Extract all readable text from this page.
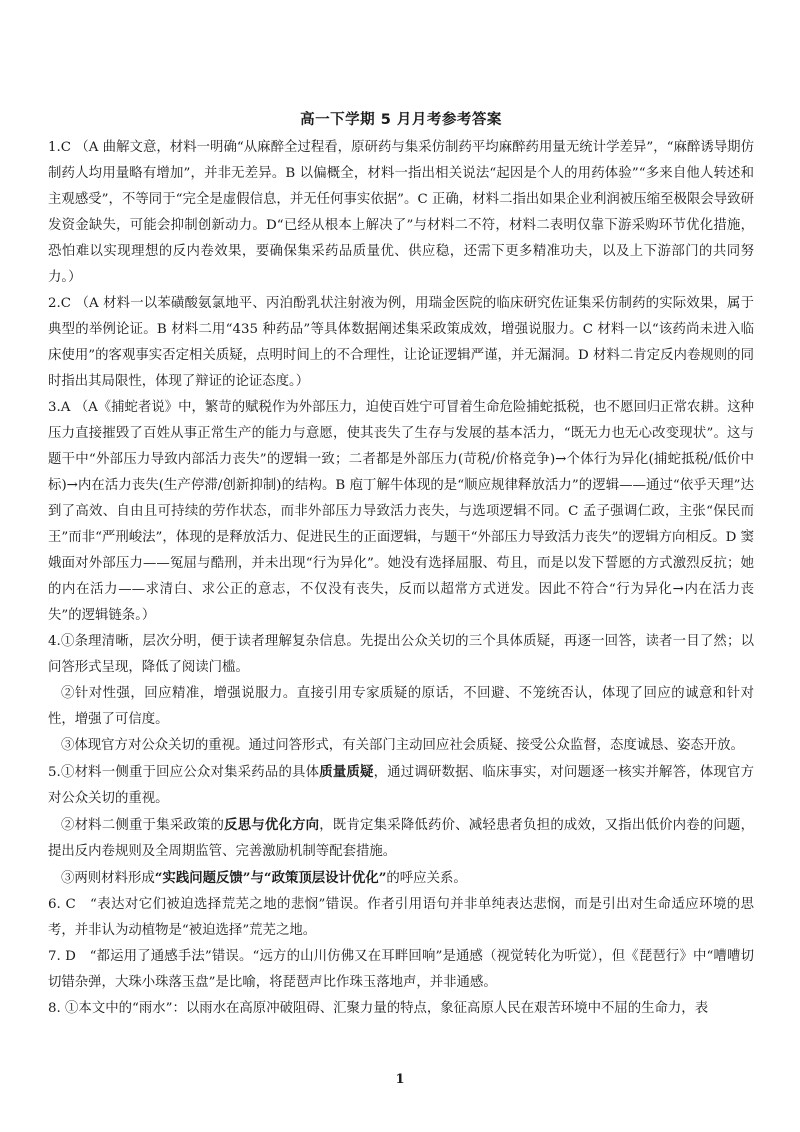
高一下学期 5 月月考参考答案

1.C （A 曲解文意，材料一明确“从麻醉全过程看，原研药与集采仿制药平均麻醉药用量无统计学差异”，“麻醉诱导期仿制药人均用量略有增加”，并非无差异。B 以偏概全，材料一指出相关说法“起因是个人的用药体验”“多来自他人转述和主观感受”，不等同于“完全是虚假信息，并无任何事实依据”。C 正确，材料二指出如果企业利润被压缩至极限会导致研发资金缺失，可能会抑制创新动力。D“已经从根本上解决了”与材料二不符，材料二表明仅靠下游采购环节优化措施，恐怕难以实现理想的反内卷效果，要确保集采药品质量优、供应稳，还需下更多精准功夫，以及上下游部门的共同努力。）

2.C （A 材料一以苯磺酸氨氯地平、丙泊酚乳状注射液为例，用瑞金医院的临床研究佐证集采仿制药的实际效果，属于典型的举例论证。B 材料二用“435 种药品”等具体数据阐述集采政策成效，增强说服力。C 材料一以“该药尚未进入临床使用”的客观事实否定相关质疑，点明时间上的不合理性，让论证逻辑严谨，并无漏洞。D 材料二肯定反内卷规则的同时指出其局限性，体现了辩证的论证态度。）

3.A （A《捕蛇者说》中，繁苛的赋税作为外部压力，迫使百姓宁可冒着生命危险捕蛇抵税，也不愿回归正常农耕。这种压力直接摧毁了百姓从事正常生产的能力与意愿，使其丧失了生存与发展的基本活力，“既无力也无心改变现状”。这与题干中“外部压力导致内部活力丧失”的逻辑一致；二者都是外部压力(苛税/价格竞争)→个体行为异化(捕蛇抵税/低价中标)→内在活力丧失(生产停滞/创新抑制)的结构。B 庖丁解牛体现的是“顺应规律释放活力”的逻辑——通过“依乎天理”达到了高效、自由且可持续的劳作状态，而非外部压力导致活力丧失，与选项逻辑不同。C 孟子强调仁政，主张“保民而王”而非“严刑峻法”，体现的是释放活力、促进民生的正面逻辑，与题干“外部压力导致活力丧失”的逻辑方向相反。D 窦娥面对外部压力——冤屈与酷刑，并未出现“行为异化”。她没有选择屈服、苟且，而是以发下誓愿的方式激烈反抗；她的内在活力——求清白、求公正的意志，不仅没有丧失，反而以超常方式迸发。因此不符合“行为异化→内在活力丧失”的逻辑链条。）

4.①条理清晰，层次分明，便于读者理解复杂信息。先提出公众关切的三个具体质疑，再逐一回答，读者一目了然；以问答形式呈现，降低了阅读门槛。

②针对性强，回应精准，增强说服力。直接引用专家质疑的原话，不回避、不笼统否认，体现了回应的诚意和针对性，增强了可信度。

③体现官方对公众关切的重视。通过问答形式，有关部门主动回应社会质疑、接受公众监督，态度诚恳、姿态开放。

5.①材料一侧重于回应公众对集采药品的具体质量质疑，通过调研数据、临床事实，对问题逐一核实并解答，体现官方对公众关切的重视。

②材料二侧重于集采政策的反思与优化方向，既肯定集采降低药价、减轻患者负担的成效，又指出低价内卷的问题，提出反内卷规则及全周期监管、完善激励机制等配套措施。

③两则材料形成“实践问题反馈”与“政策顶层设计优化”的呼应关系。

6. C　“表达对它们被迫选择荒芜之地的悲悯”错误。作者引用语句并非单纯表达悲悯，而是引出对生命适应环境的思考，并非认为动植物是“被迫选择”荒芜之地。

7. D　“都运用了通感手法”错误。“远方的山川仿佛又在耳畔回响”是通感（视觉转化为听觉），但《琵琶行》中“嘈嘈切切错杂弹，大珠小珠落玉盘”是比喻，将琵琶声比作珠玉落地声，并非通感。

8. ①本文中的“雨水”：以雨水在高原冲破阻碍、汇聚力量的特点，象征高原人民在艰苦环境中不屈的生命力，表

1
